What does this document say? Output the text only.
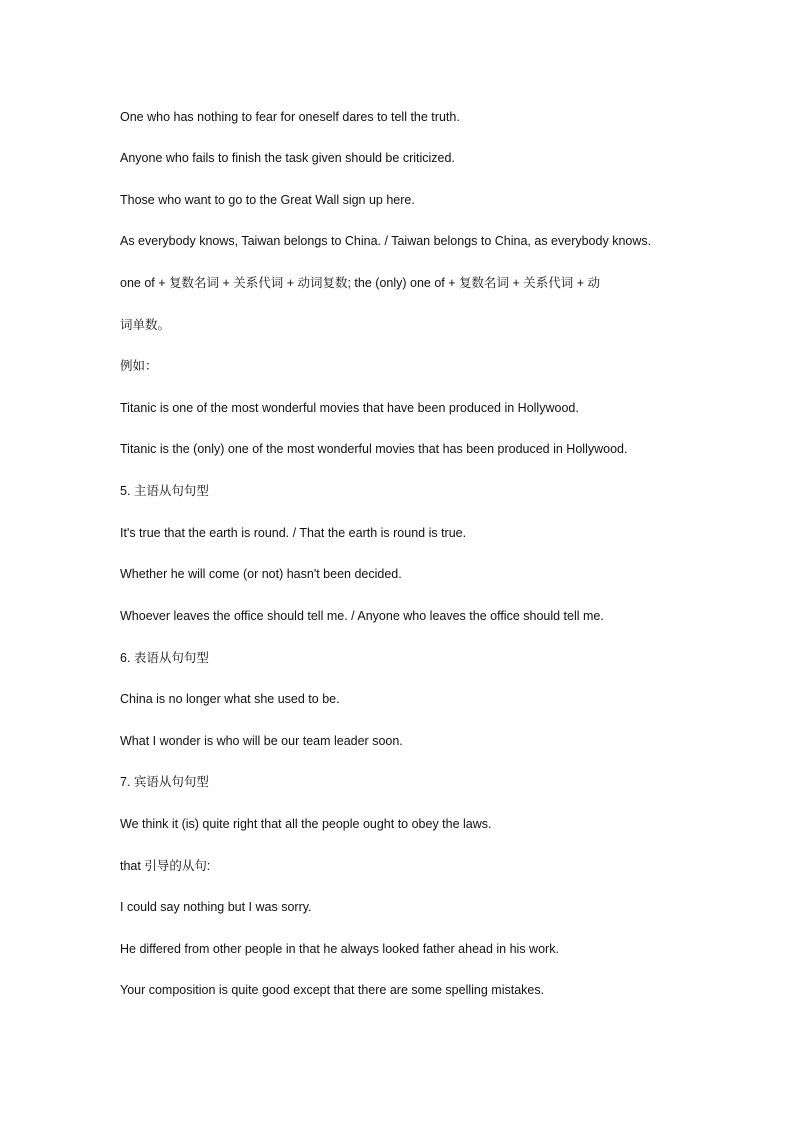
One who has nothing to fear for oneself dares to tell the truth.
Anyone who fails to finish the task given should be criticized.
Those who want to go to the Great Wall sign up here.
As everybody knows, Taiwan belongs to China. / Taiwan belongs to China, as everybody knows.
one of + 复数名词 + 关系代词 + 动词复数; the (only) one of + 复数名词 + 关系代词 + 动
词单数。
例如：
Titanic is one of the most wonderful movies that have been produced in Hollywood.
Titanic is the (only) one of the most wonderful movies that has been produced in Hollywood.
5. 主语从句句型
It's true that the earth is round. / That the earth is round is true.
Whether he will come (or not) hasn't been decided.
Whoever leaves the office should tell me. / Anyone who leaves the office should tell me.
6. 表语从句句型
China is no longer what she used to be.
What I wonder is who will be our team leader soon.
7. 宾语从句句型
We think it (is) quite right that all the people ought to obey the laws.
that 引导的从句:
I could say nothing but I was sorry.
He differed from other people in that he always looked father ahead in his work.
Your composition is quite good except that there are some spelling mistakes.
